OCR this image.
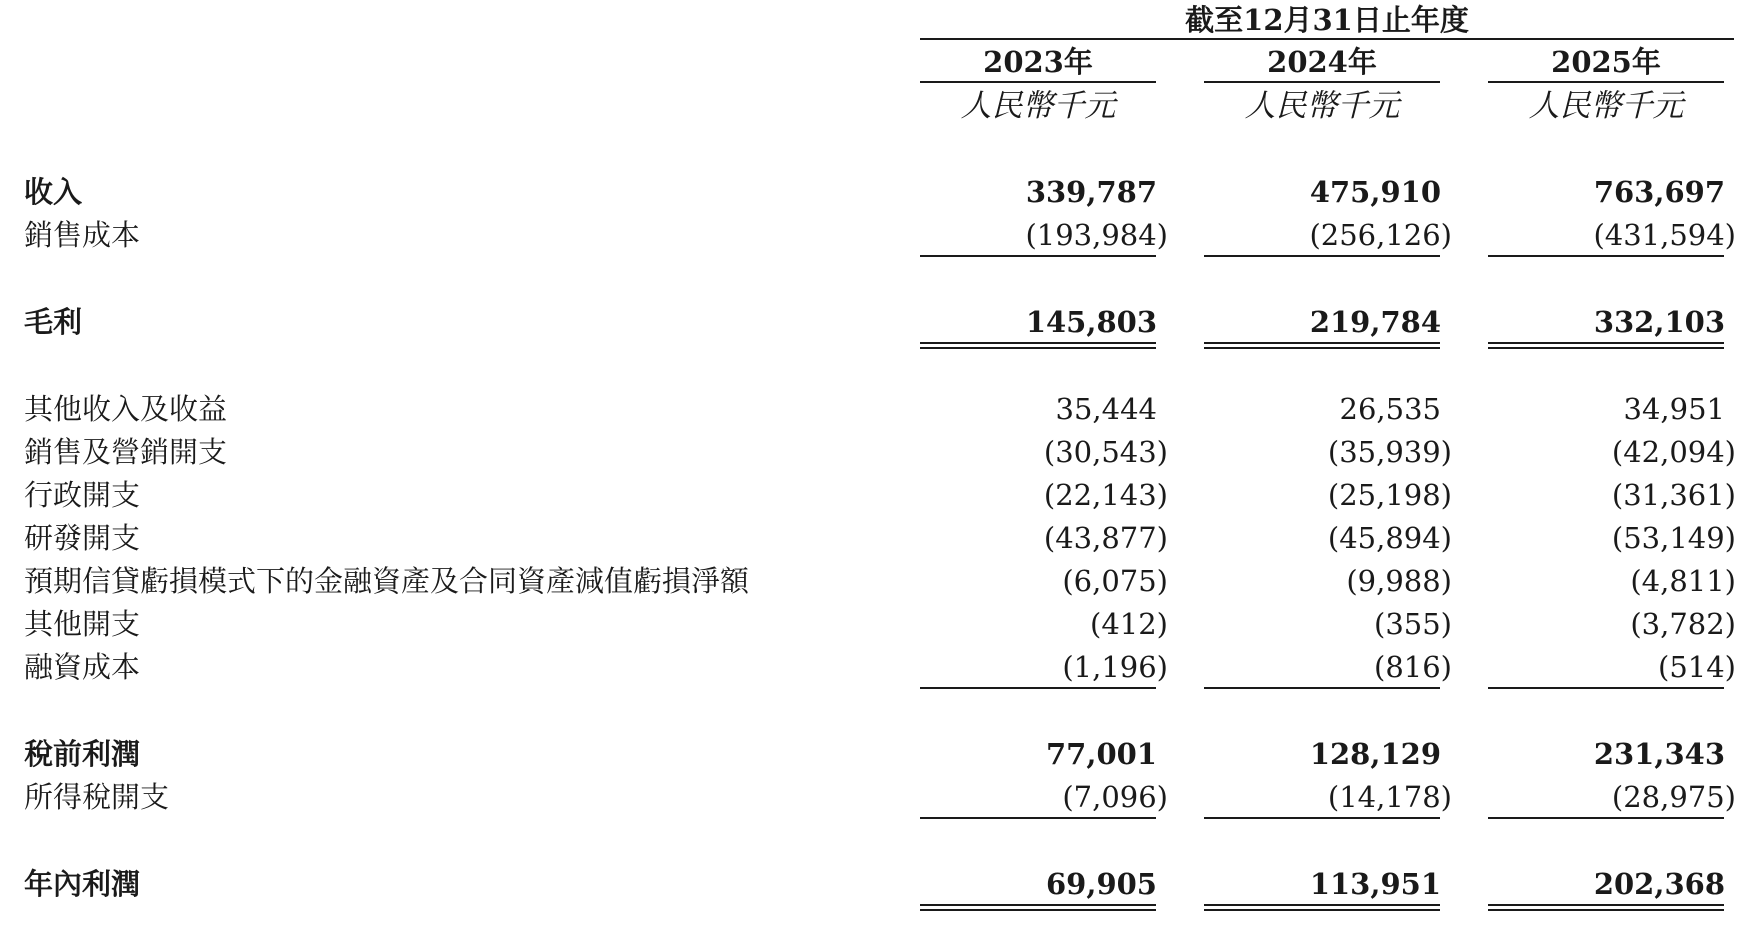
截至12月31日止年度
2023年	2024年	2025年
人民幣千元	人民幣千元	人民幣千元
收入	339,787	475,910	763,697
銷售成本	(193,984)	(256,126)	(431,594)
毛利	145,803	219,784	332,103
其他收入及收益	35,444	26,535	34,951
銷售及營銷開支	(30,543)	(35,939)	(42,094)
行政開支	(22,143)	(25,198)	(31,361)
研發開支	(43,877)	(45,894)	(53,149)
預期信貸虧損模式下的金融資產及合同資產減值虧損淨額	(6,075)	(9,988)	(4,811)
其他開支	(412)	(355)	(3,782)
融資成本	(1,196)	(816)	(514)
稅前利潤	77,001	128,129	231,343
所得稅開支	(7,096)	(14,178)	(28,975)
年內利潤	69,905	113,951	202,368
